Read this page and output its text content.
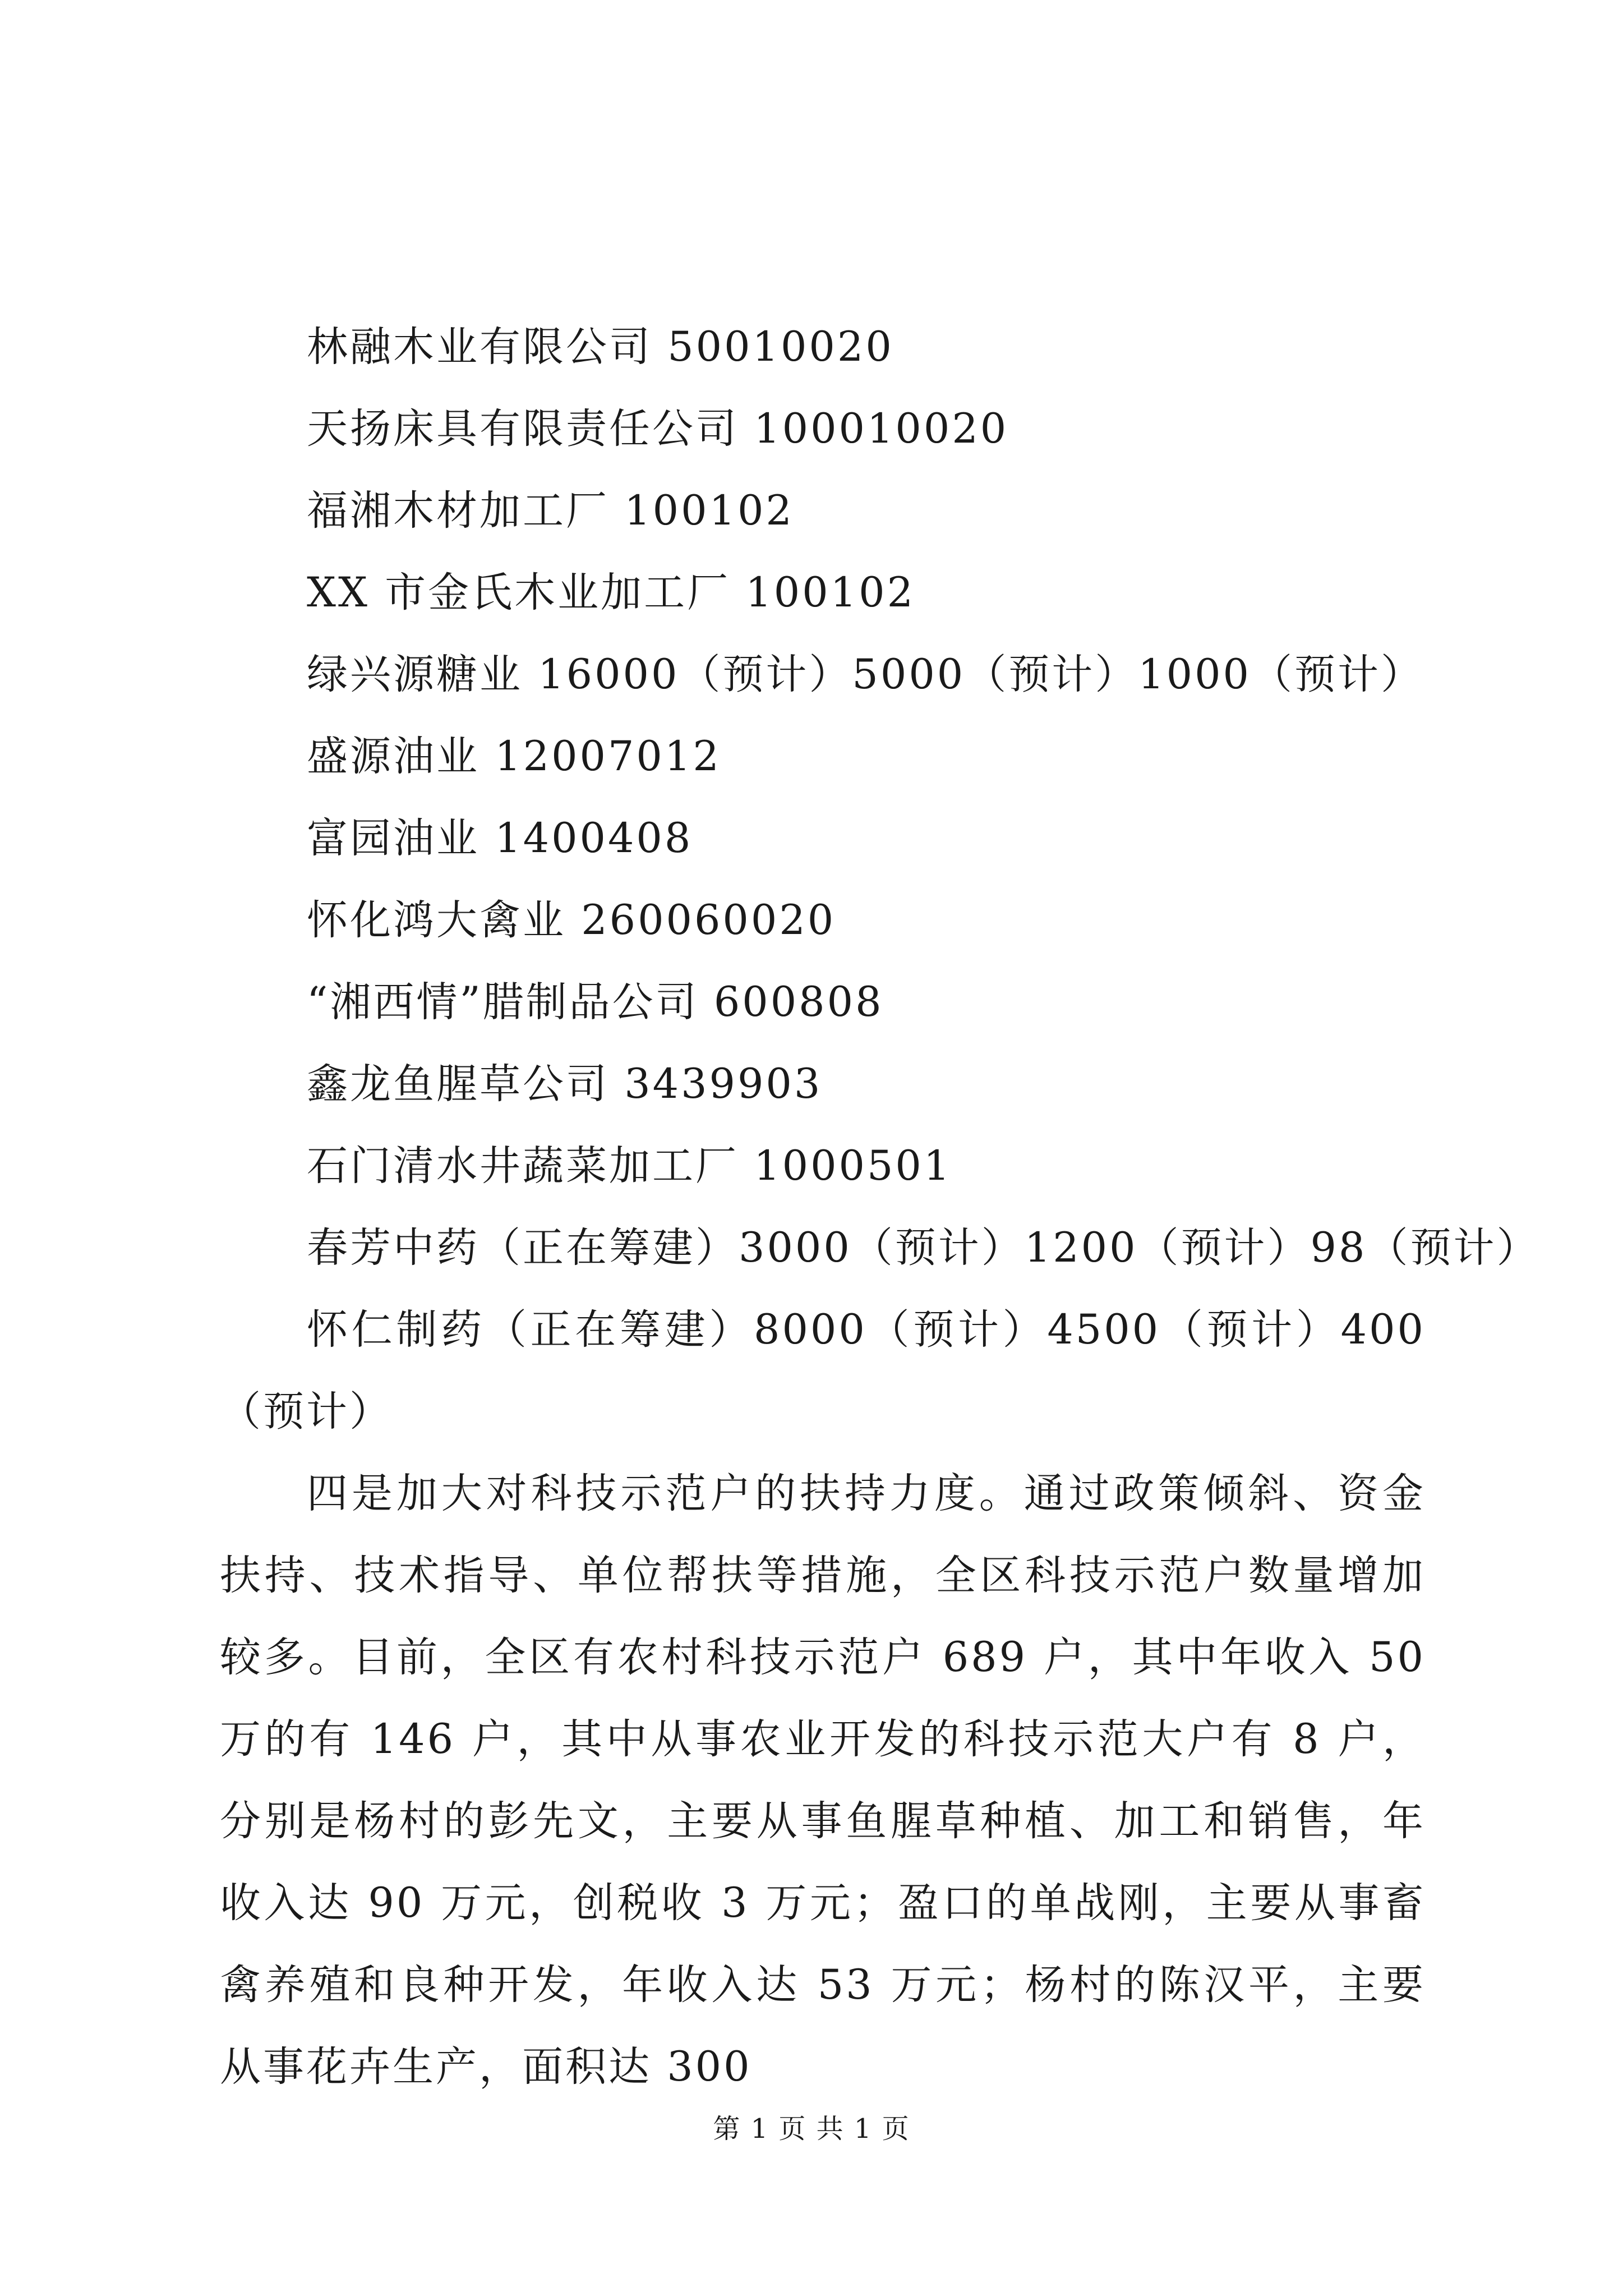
林融木业有限公司 50010020
天扬床具有限责任公司 100010020
福湘木材加工厂 100102
XX 市金氏木业加工厂 100102
绿兴源糖业 16000（预计）5000（预计）1000（预计）
盛源油业 12007012
富园油业 1400408
怀化鸿大禽业 260060020
“湘西情”腊制品公司 600808
鑫龙鱼腥草公司 3439903
石门清水井蔬菜加工厂 1000501
春芳中药（正在筹建）3000（预计）1200（预计）98（预计）

怀仁制药（正在筹建）8000（预计）4500（预计）400（预计）

四是加大对科技示范户的扶持力度。通过政策倾斜、资金扶持、技术指导、单位帮扶等措施，全区科技示范户数量增加较多。目前，全区有农村科技示范户 689 户，其中年收入 50 万的有 146 户，其中从事农业开发的科技示范大户有 8 户，分别是杨村的彭先文，主要从事鱼腥草种植、加工和销售，年收入达 90 万元，创税收 3 万元；盈口的单战刚，主要从事畜禽养殖和良种开发，年收入达 53 万元；杨村的陈汉平，主要从事花卉生产，面积达 300

第 1 页 共 1 页
